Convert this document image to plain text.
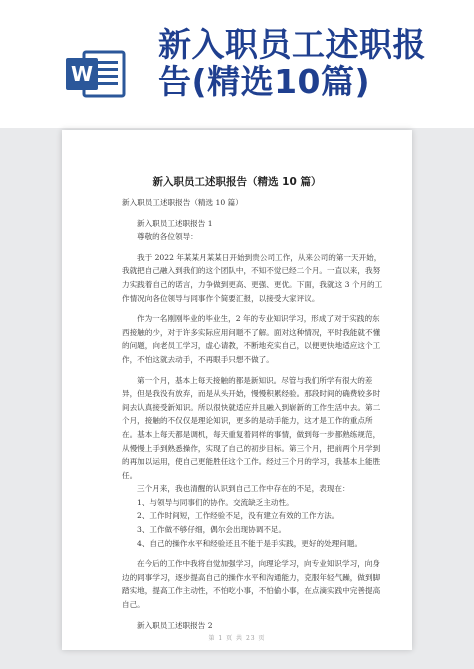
W
新入职员工述职报告(精选10篇)
新入职员工述职报告（精选 10 篇）

新入职员工述职报告（精选 10 篇）

新入职员工述职报告 1

尊敬的各位领导：

我于 2022 年某某月某某日开始到贵公司工作，从来公司的第一天开始，我就把自己融入到我们的这个团队中，不知不觉已经二个月。一直以来，我努力实践着自己的诺言，力争做到更高、更强、更优。下面，我就这 3 个月的工作情况向各位领导与同事作个简要汇报，以接受大家评议。

作为一名刚刚毕业的毕业生，2 年的专业知识学习，形成了对于实践的东西接触的少，对于许多实际应用问题不了解。面对这种情况，平时我能就不懂的问题，向老员工学习，虚心请教，不断地充实自己，以便更快地适应这个工作，不怕这就去动手，不再眼手只想不做了。

第一个月，基本上每天接触的都是新知识。尽管与我们所学有很大的差异，但是我没有放弃，而是从头开始，慢慢积累经验。那段时间的确费较多时间去认真接受新知识。所以很快就适应并且融入到崭新的工作生活中去。第二个月，接触的不仅仅是理论知识，更多的是动手能力，这才是工作的重点所在。基本上每天都是调机，每天重复着同样的事情，做到每一步都熟练规范，从慢慢上手到熟悉操作，实现了自己的初步目标。第三个月，把前两个月学到的再加以运用，使自己更能胜任这个工作。经过三个月的学习，我基本上能胜任。

三个月来，我也清醒的认识到自己工作中存在的不足，表现在：

1、与领导与同事们的协作。交流缺乏主动性。

2、工作时间短，工作经验不足，没有建立有效的工作方法。

3、工作做不够仔细，偶尔会出现协调不足。

4、自己的操作水平和经验还且不能于是手实践，更好的处理问题。

在今后的工作中我将自觉加强学习，向理论学习，向专业知识学习，向身边的同事学习，逐步提高自己的操作水平和沟通能力，克服年轻气躁，做到脚踏实地，提高工作主动性，不怕吃小事，不怕偷小事，在点滴实践中完善提高自己。

新入职员工述职报告 2

第 1 页 共 23 页
